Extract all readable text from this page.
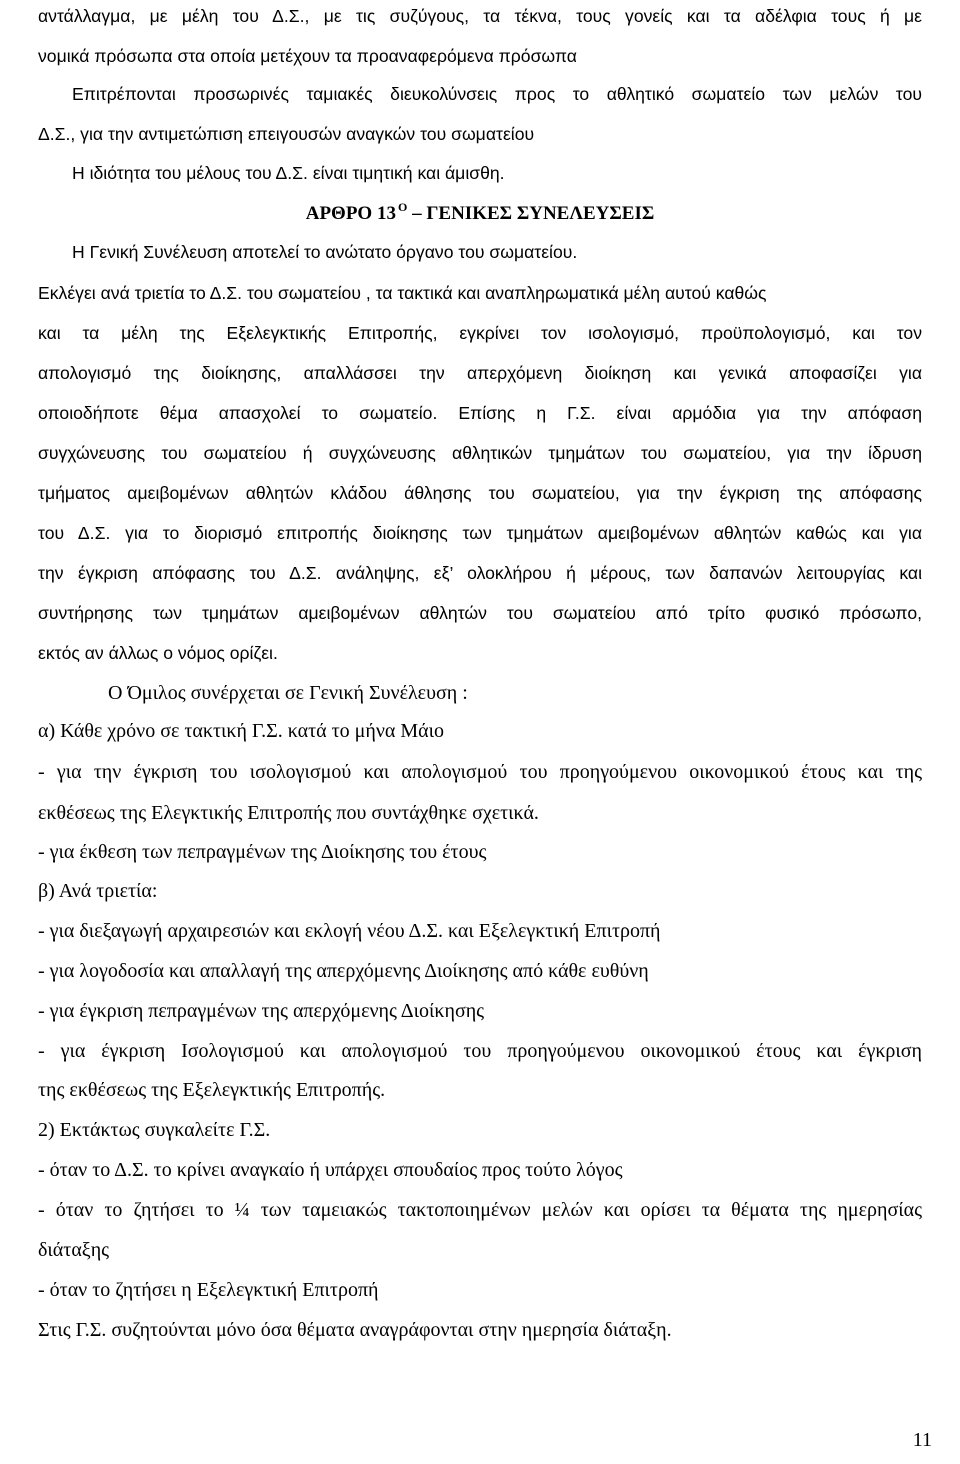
αντάλλαγμα, με μέλη του Δ.Σ., με τις συζύγους, τα τέκνα, τους γονείς και τα αδέλφια τους ή με

νομικά πρόσωπα στα οποία μετέχουν τα προαναφερόμενα πρόσωπα

Επιτρέπονται προσωρινές ταμιακές διευκολύνσεις προς το αθλητικό σωματείο των μελών του

Δ.Σ., για την αντιμετώπιση επειγουσών αναγκών του σωματείου

Η ιδιότητα του μέλους του Δ.Σ. είναι τιμητική και άμισθη.

ΑΡΘΡΟ 13 $^O$ – ΓΕΝΙΚΕΣ ΣΥΝΕΛΕΥΣΕΙΣ

Η Γενική Συνέλευση αποτελεί το ανώτατο όργανο του σωματείου.

Εκλέγει ανά τριετία το Δ.Σ. του σωματείου , τα τακτικά και αναπληρωματικά μέλη αυτού καθώς

και τα μέλη της Εξελεγκτικής Επιτροπής, εγκρίνει τον ισολογισμό, προϋπολογισμό, και τον

απολογισμό της διοίκησης, απαλλάσσει την απερχόμενη διοίκηση και γενικά αποφασίζει για

οποιοδήποτε θέμα απασχολεί το σωματείο. Επίσης η Γ.Σ. είναι αρμόδια για την απόφαση

συγχώνευσης του σωματείου ή συγχώνευσης αθλητικών τμημάτων του σωματείου, για την ίδρυση

τμήματος αμειβομένων αθλητών κλάδου άθλησης του σωματείου, για την έγκριση της απόφασης

του Δ.Σ. για το διορισμό επιτροπής διοίκησης των τμημάτων αμειβομένων αθλητών καθώς και για

την έγκριση απόφασης του Δ.Σ. ανάληψης, εξ’ ολοκλήρου ή μέρους, των δαπανών λειτουργίας και

συντήρησης των τμημάτων αμειβομένων αθλητών του σωματείου από τρίτο φυσικό πρόσωπο,

εκτός αν άλλως ο νόμος ορίζει.

Ο Όμιλος συνέρχεται σε Γενική Συνέλευση :

α) Κάθε χρόνο σε τακτική Γ.Σ. κατά το μήνα Μάιο

- για την έγκριση του ισολογισμού και απολογισμού του προηγούμενου οικονομικού έτους και της

εκθέσεως της Ελεγκτικής Επιτροπής που συντάχθηκε σχετικά.

- για έκθεση των πεπραγμένων της Διοίκησης του έτους

β) Ανά τριετία:

- για διεξαγωγή αρχαιρεσιών και εκλογή νέου Δ.Σ. και Εξελεγκτική Επιτροπή

- για λογοδοσία και απαλλαγή της απερχόμενης Διοίκησης από κάθε ευθύνη

- για έγκριση πεπραγμένων της απερχόμενης Διοίκησης

- για έγκριση Ισολογισμού και απολογισμού του προηγούμενου οικονομικού έτους και έγκριση

της εκθέσεως της Εξελεγκτικής Επιτροπής.

2) Εκτάκτως συγκαλείτε Γ.Σ.

- όταν το Δ.Σ. το κρίνει αναγκαίο ή υπάρχει σπουδαίος προς τούτο λόγος

- όταν το ζητήσει το ¼ των ταμειακώς τακτοποιημένων μελών και ορίσει τα θέματα της ημερησίας

διάταξης

- όταν το ζητήσει η Εξελεγκτική Επιτροπή

Στις Γ.Σ. συζητούνται μόνο όσα θέματα αναγράφονται στην ημερησία διάταξη.

11
